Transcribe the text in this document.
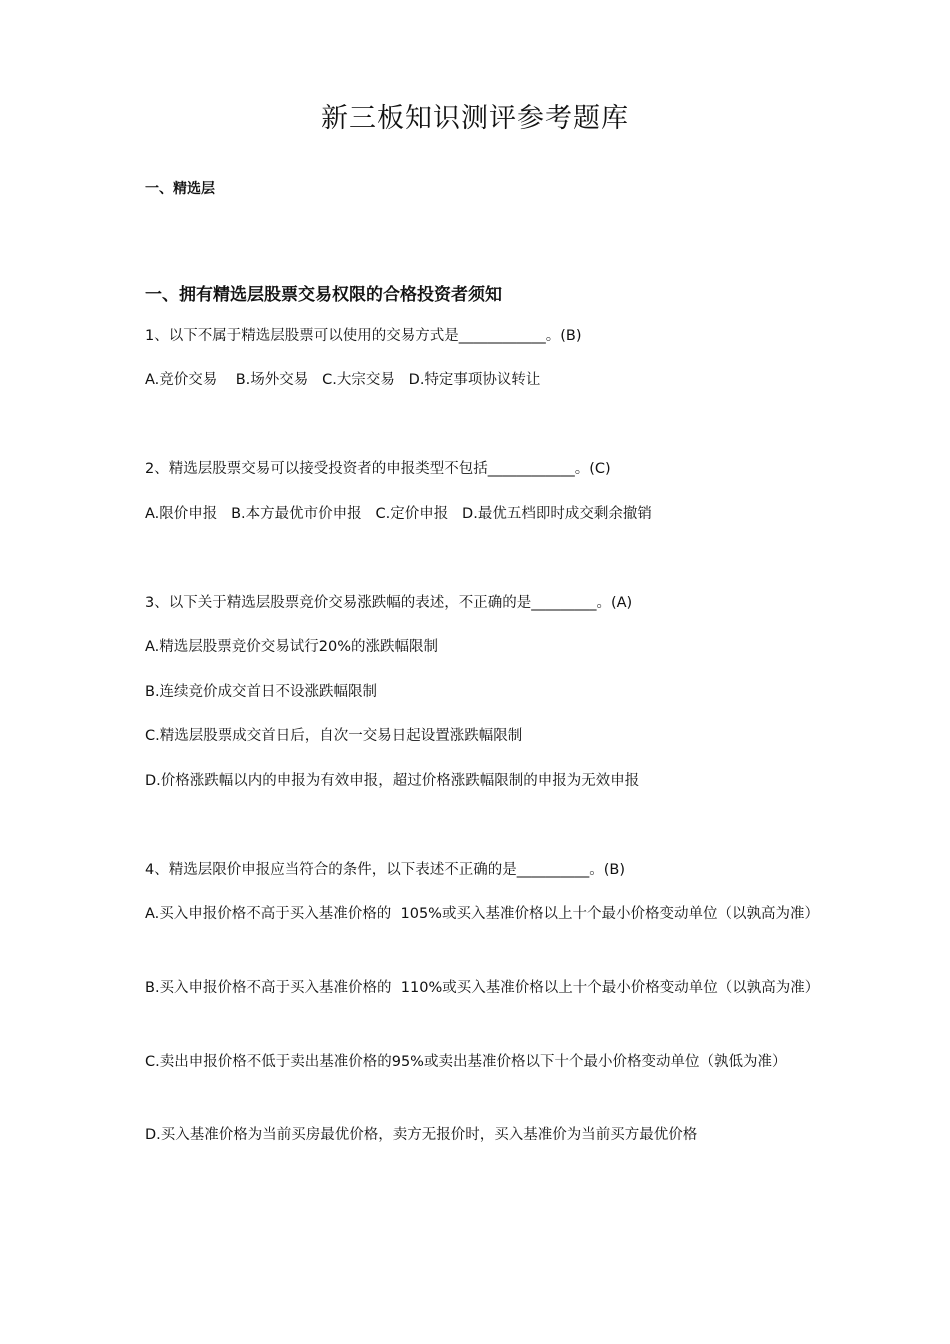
新三板知识测评参考题库

一、精选层

一、拥有精选层股票交易权限的合格投资者须知

1、以下不属于精选层股票可以使用的交易方式是____________。(B)

A.竞价交易    B.场外交易   C.大宗交易   D.特定事项协议转让

2、精选层股票交易可以接受投资者的申报类型不包括____________。(C)

A.限价申报   B.本方最优市价申报   C.定价申报   D.最优五档即时成交剩余撤销

3、以下关于精选层股票竞价交易涨跌幅的表述，不正确的是_________。(A)

A.精选层股票竞价交易试行20%的涨跌幅限制

B.连续竞价成交首日不设涨跌幅限制

C.精选层股票成交首日后，自次一交易日起设置涨跌幅限制

D.价格涨跌幅以内的申报为有效申报，超过价格涨跌幅限制的申报为无效申报

4、精选层限价申报应当符合的条件，以下表述不正确的是__________。(B)

A.买入申报价格不高于买入基准价格的  105%或买入基准价格以上十个最小价格变动单位（以孰高为准）

B.买入申报价格不高于买入基准价格的  110%或买入基准价格以上十个最小价格变动单位（以孰高为准）

C.卖出申报价格不低于卖出基准价格的95%或卖出基准价格以下十个最小价格变动单位（孰低为准）

D.买入基准价格为当前买房最优价格，卖方无报价时，买入基准价为当前买方最优价格
